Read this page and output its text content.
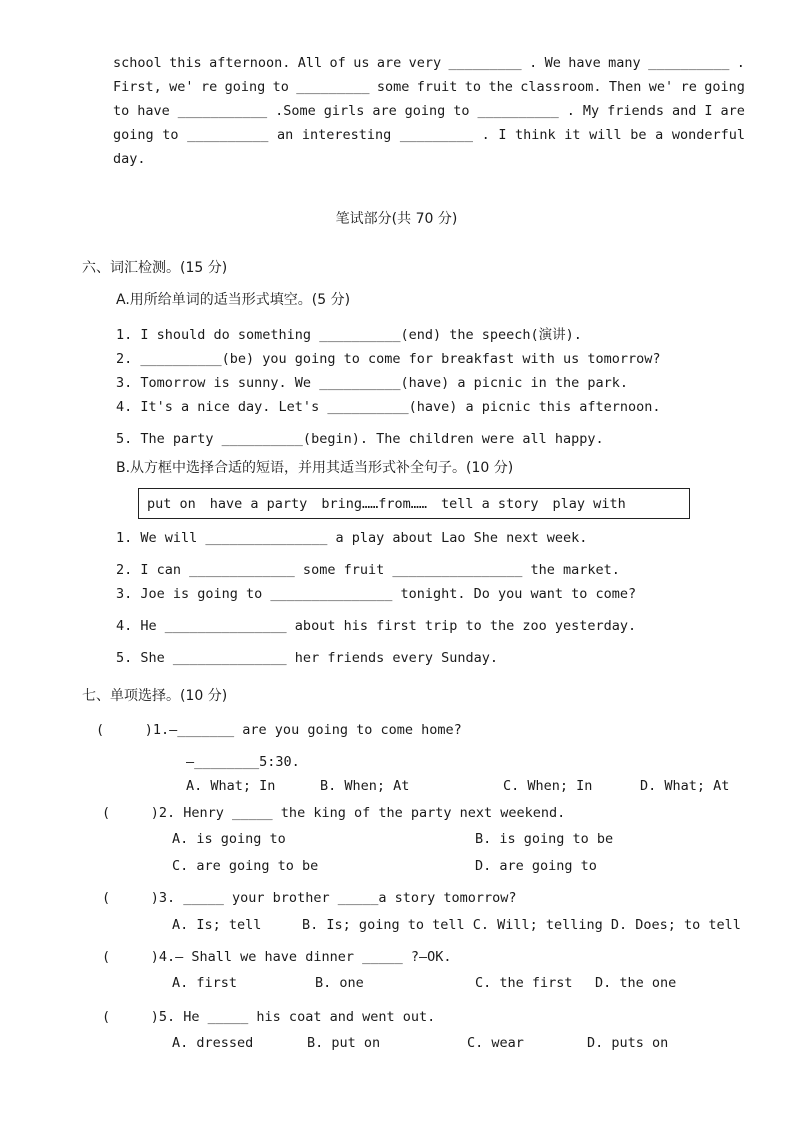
school this afternoon. All of us are very _________ . We have many __________ .
First, we' re going to _________ some fruit to the classroom. Then we' re going
to have ___________ .Some girls are going to __________ . My friends and I are
going to __________ an interesting _________ . I think it will be a wonderful
day.
笔试部分(共 70 分)
六、词汇检测。(15 分)
A.用所给单词的适当形式填空。(5 分)
1. I should do something __________(end) the speech(演讲).
2. __________(be) you going to come for breakfast with us tomorrow?
3. Tomorrow is sunny. We __________(have) a picnic in the park.
4. It's a nice day. Let's __________(have) a picnic this afternoon.
5. The party __________(begin). The children were all happy.
B.从方框中选择合适的短语，并用其适当形式补全句子。(10 分)
put on have a party bring……from…… tell a story play with
1. We will _______________ a play about Lao She next week.
2. I can _____________ some fruit ________________ the market.
3. Joe is going to _______________ tonight. Do you want to come?
4. He _______________ about his first trip to the zoo yesterday.
5. She ______________ her friends every Sunday.
七、单项选择。(10 分)
(     )1.—_______ are you going to come home?
—________5:30.
A. What; In	B. When; At	C. When; In	D. What; At
(     )2. Henry _____ the king of the party next weekend.
A. is going to	B. is going to be
C. are going to be	D. are going to
(     )3. _____ your brother _____a story tomorrow?
A. Is; tell     B. Is; going to tell C. Will; telling D. Does; to tell
(     )4.— Shall we have dinner _____ ?—OK.
A. first	B. one	C. the first D. the one
(     )5. He _____ his coat and went out.
A. dressed	B. put on	C. wear	D. puts on
